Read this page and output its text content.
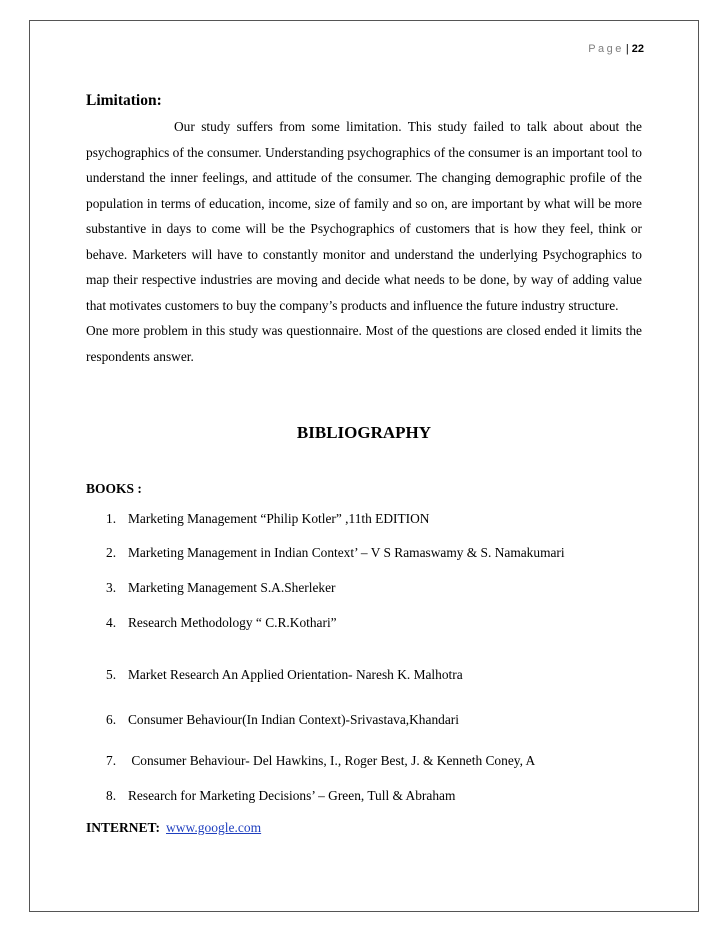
Page | 22
Limitation:

Our study suffers from some limitation. This study failed to talk about about the psychographics of the consumer. Understanding psychographics of the consumer is an important tool to understand the inner feelings, and attitude of the consumer. The changing demographic profile of the population in terms of education, income, size of family and so on, are important by what will be more substantive in days to come will be the Psychographics of customers that is how they feel, think or behave. Marketers will have to constantly monitor and understand the underlying Psychographics to map their respective industries are moving and decide what needs to be done, by way of adding value that motivates customers to buy the company’s products and influence the future industry structure.

One more problem in this study was questionnaire. Most of the questions are closed ended it limits the respondents answer.

BIBLIOGRAPHY
BOOKS :
1. Marketing Management “Philip Kotler” ,11th EDITION
2. Marketing Management in Indian Context’ – V S Ramaswamy & S. Namakumari
3. Marketing Management S.A.Sherleker
4. Research Methodology “ C.R.Kothari”
5. Market Research An Applied Orientation- Naresh K. Malhotra
6. Consumer Behaviour(In Indian Context)-Srivastava,Khandari
7. Consumer Behaviour- Del Hawkins, I., Roger Best, J. & Kenneth Coney, A
8. Research for Marketing Decisions’ – Green, Tull & Abraham
INTERNET: www.google.com
